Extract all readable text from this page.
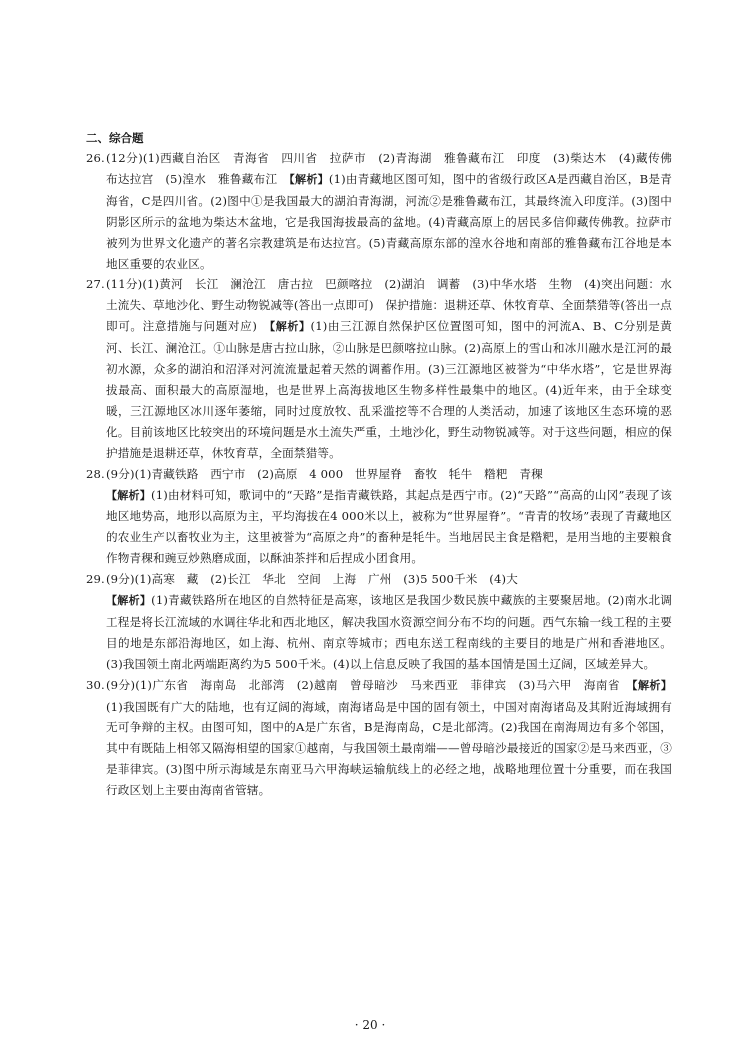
二、综合题

26.(12分)(1)西藏自治区　青海省　四川省　拉萨市　(2)青海湖　雅鲁藏布江　印度　(3)柴达木　(4)藏传佛　布达拉宫　(5)湟水　雅鲁藏布江　【解析】(1)由青藏地区图可知，图中的省级行政区A是西藏自治区，B是青海省，C是四川省。(2)图中①是我国最大的湖泊青海湖，河流②是雅鲁藏布江，其最终流入印度洋。(3)图中阴影区所示的盆地为柴达木盆地，它是我国海拔最高的盆地。(4)青藏高原上的居民多信仰藏传佛教。拉萨市被列为世界文化遗产的著名宗教建筑是布达拉宫。(5)青藏高原东部的湟水谷地和南部的雅鲁藏布江谷地是本地区重要的农业区。

27.(11分)(1)黄河　长江　澜沧江　唐古拉　巴颜喀拉　(2)湖泊　调蓄　(3)中华水塔　生物　(4)突出问题：水土流失、草地沙化、野生动物锐减等(答出一点即可)　保护措施：退耕还草、休牧育草、全面禁猎等(答出一点即可。注意措施与问题对应)　【解析】(1)由三江源自然保护区位置图可知，图中的河流A、B、C分别是黄河、长江、澜沧江。①山脉是唐古拉山脉，②山脉是巴颜喀拉山脉。(2)高原上的雪山和冰川融水是江河的最初水源，众多的湖泊和沼泽对河流流量起着天然的调蓄作用。(3)三江源地区被誉为“中华水塔”，它是世界海拔最高、面积最大的高原湿地，也是世界上高海拔地区生物多样性最集中的地区。(4)近年来，由于全球变暖，三江源地区冰川逐年萎缩，同时过度放牧、乱采滥挖等不合理的人类活动，加速了该地区生态环境的恶化。目前该地区比较突出的环境问题是水土流失严重，土地沙化，野生动物锐减等。对于这些问题，相应的保护措施是退耕还草，休牧育草，全面禁猎等。

28.(9分)(1)青藏铁路　西宁市　(2)高原　4 000　世界屋脊　畜牧　牦牛　糌粑　青稞
【解析】(1)由材料可知，歌词中的“天路”是指青藏铁路，其起点是西宁市。(2)“天路”“高高的山冈”表现了该地区地势高，地形以高原为主，平均海拔在4 000米以上，被称为“世界屋脊”。“青青的牧场”表现了青藏地区的农业生产以畜牧业为主，这里被誉为“高原之舟”的畜种是牦牛。当地居民主食是糌粑，是用当地的主要粮食作物青稞和豌豆炒熟磨成面，以酥油茶拌和后捏成小团食用。

29.(9分)(1)高寒　藏　(2)长江　华北　空间　上海　广州　(3)5 500千米　(4)大
【解析】(1)青藏铁路所在地区的自然特征是高寒，该地区是我国少数民族中藏族的主要聚居地。(2)南水北调工程是将长江流域的水调往华北和西北地区，解决我国水资源空间分布不均的问题。西气东输一线工程的主要目的地是东部沿海地区，如上海、杭州、南京等城市；西电东送工程南线的主要目的地是广州和香港地区。(3)我国领土南北两端距离约为5 500千米。(4)以上信息反映了我国的基本国情是国土辽阔，区域差异大。

30.(9分)(1)广东省　海南岛　北部湾　(2)越南　曾母暗沙　马来西亚　菲律宾　(3)马六甲　海南省　【解析】(1)我国既有广大的陆地，也有辽阔的海域，南海诸岛是中国的固有领土，中国对南海诸岛及其附近海域拥有无可争辩的主权。由图可知，图中的A是广东省，B是海南岛，C是北部湾。(2)我国在南海周边有多个邻国，其中有既陆上相邻又隔海相望的国家①越南，与我国领土最南端——曾母暗沙最接近的国家②是马来西亚，③是菲律宾。(3)图中所示海域是东南亚马六甲海峡运输航线上的必经之地，战略地理位置十分重要，而在我国行政区划上主要由海南省管辖。

· 20 ·
